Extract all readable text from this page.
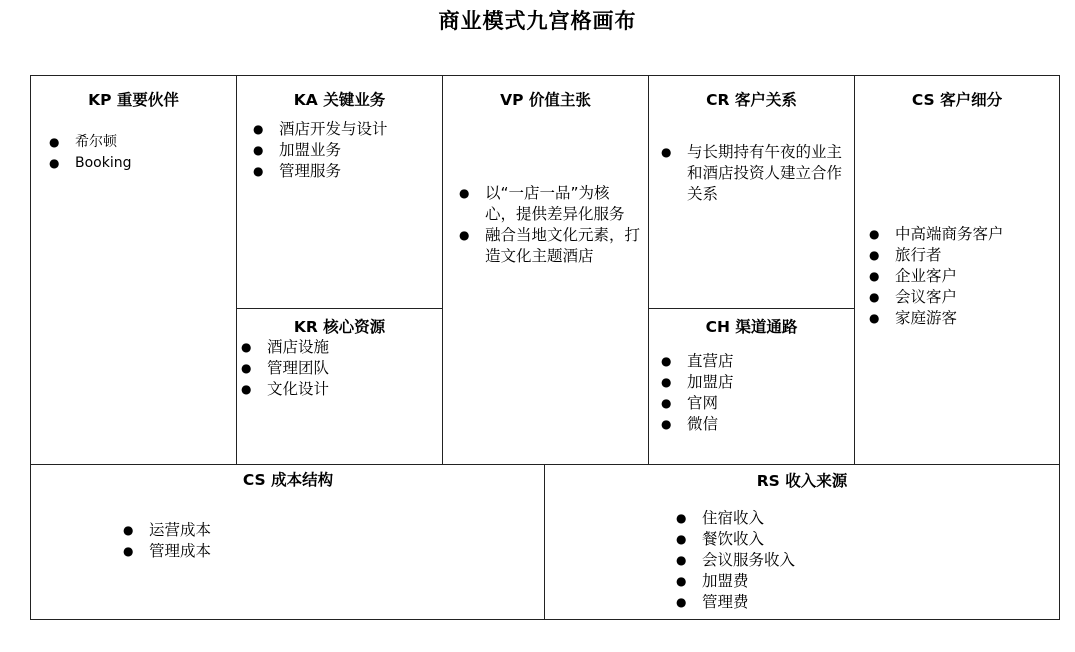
商业模式九宫格画布
KP 重要伙伴
● 希尔顿
● Booking
KA 关键业务
● 酒店开发与设计
● 加盟业务
● 管理服务
KR 核心资源
● 酒店设施
● 管理团队
● 文化设计
VP 价值主张
● 以“一店一品”为核心，提供差异化服务
● 融合当地文化元素，打造文化主题酒店
CR 客户关系
● 与长期持有午夜的业主和酒店投资人建立合作关系
CH 渠道通路
● 直营店
● 加盟店
● 官网
● 微信
CS 客户细分
● 中高端商务客户
● 旅行者
● 企业客户
● 会议客户
● 家庭游客
CS 成本结构
● 运营成本
● 管理成本
RS 收入来源
● 住宿收入
● 餐饮收入
● 会议服务收入
● 加盟费
● 管理费
